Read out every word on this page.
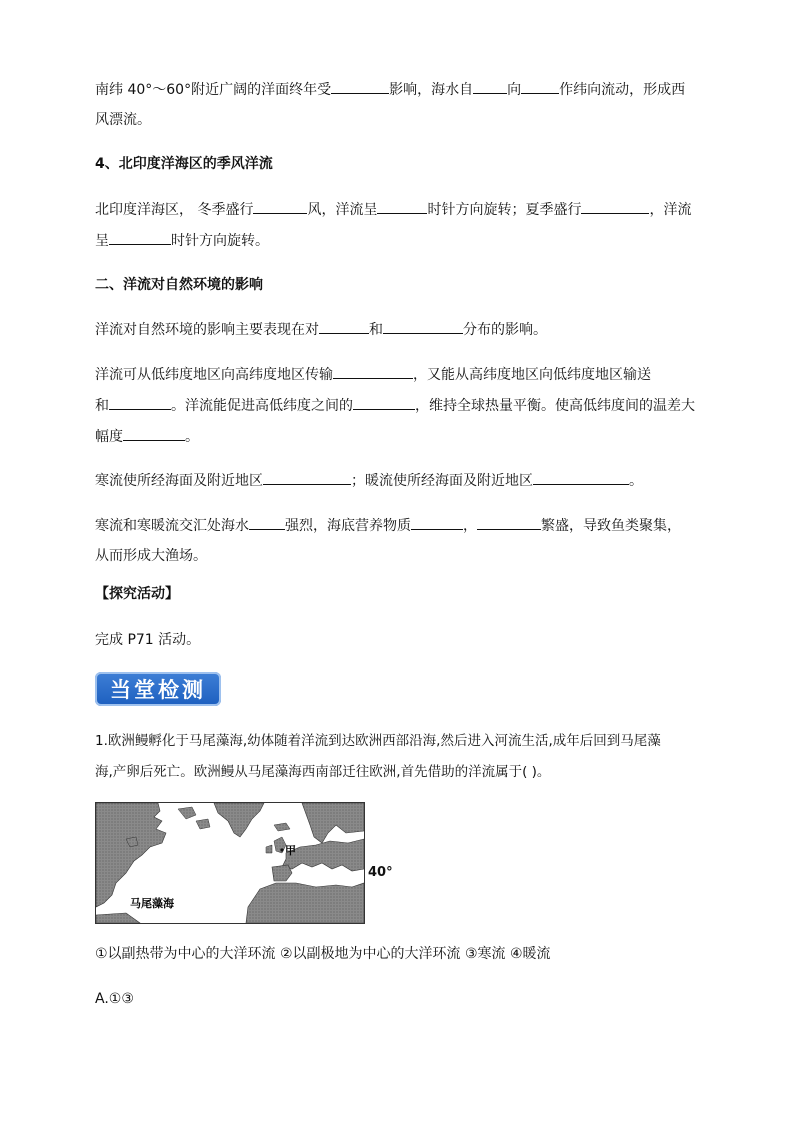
南纬 40°～60°附近广阔的洋面终年受	影响，海水自 向	作纬向流动，形成西
风漂流。
4、北印度洋海区的季风洋流
北印度洋海区， 冬季盛行	风，洋流呈	时针方向旋转；夏季盛行	，洋流
呈	时针方向旋转。
二、洋流对自然环境的影响
洋流对自然环境的影响主要表现在对	和	分布的影响。
洋流可从低纬度地区向高纬度地区传输	，又能从高纬度地区向低纬度地区输送
和	。洋流能促进高低纬度之间的	，维持全球热量平衡。使高低纬度间的温差大
幅度	。
寒流使所经海面及附近地区	；暖流使所经海面及附近地区	。
寒流和寒暖流交汇处海水	强烈，海底营养物质	，	繁盛，导致鱼类聚集，
从而形成大渔场。
【探究活动】
完成 P71 活动。
1.欧洲鳗孵化于马尾藻海,幼体随着洋流到达欧洲西部沿海,然后进入河流生活,成年后回到马尾藻
海,产卵后死亡。欧洲鳗从马尾藻海西南部迁往欧洲,首先借助的洋流属于( )。
①以副热带为中心的大洋环流 ②以副极地为中心的大洋环流 ③寒流 ④暖流
A.①③
当堂检测
甲
马尾藻海
40°
